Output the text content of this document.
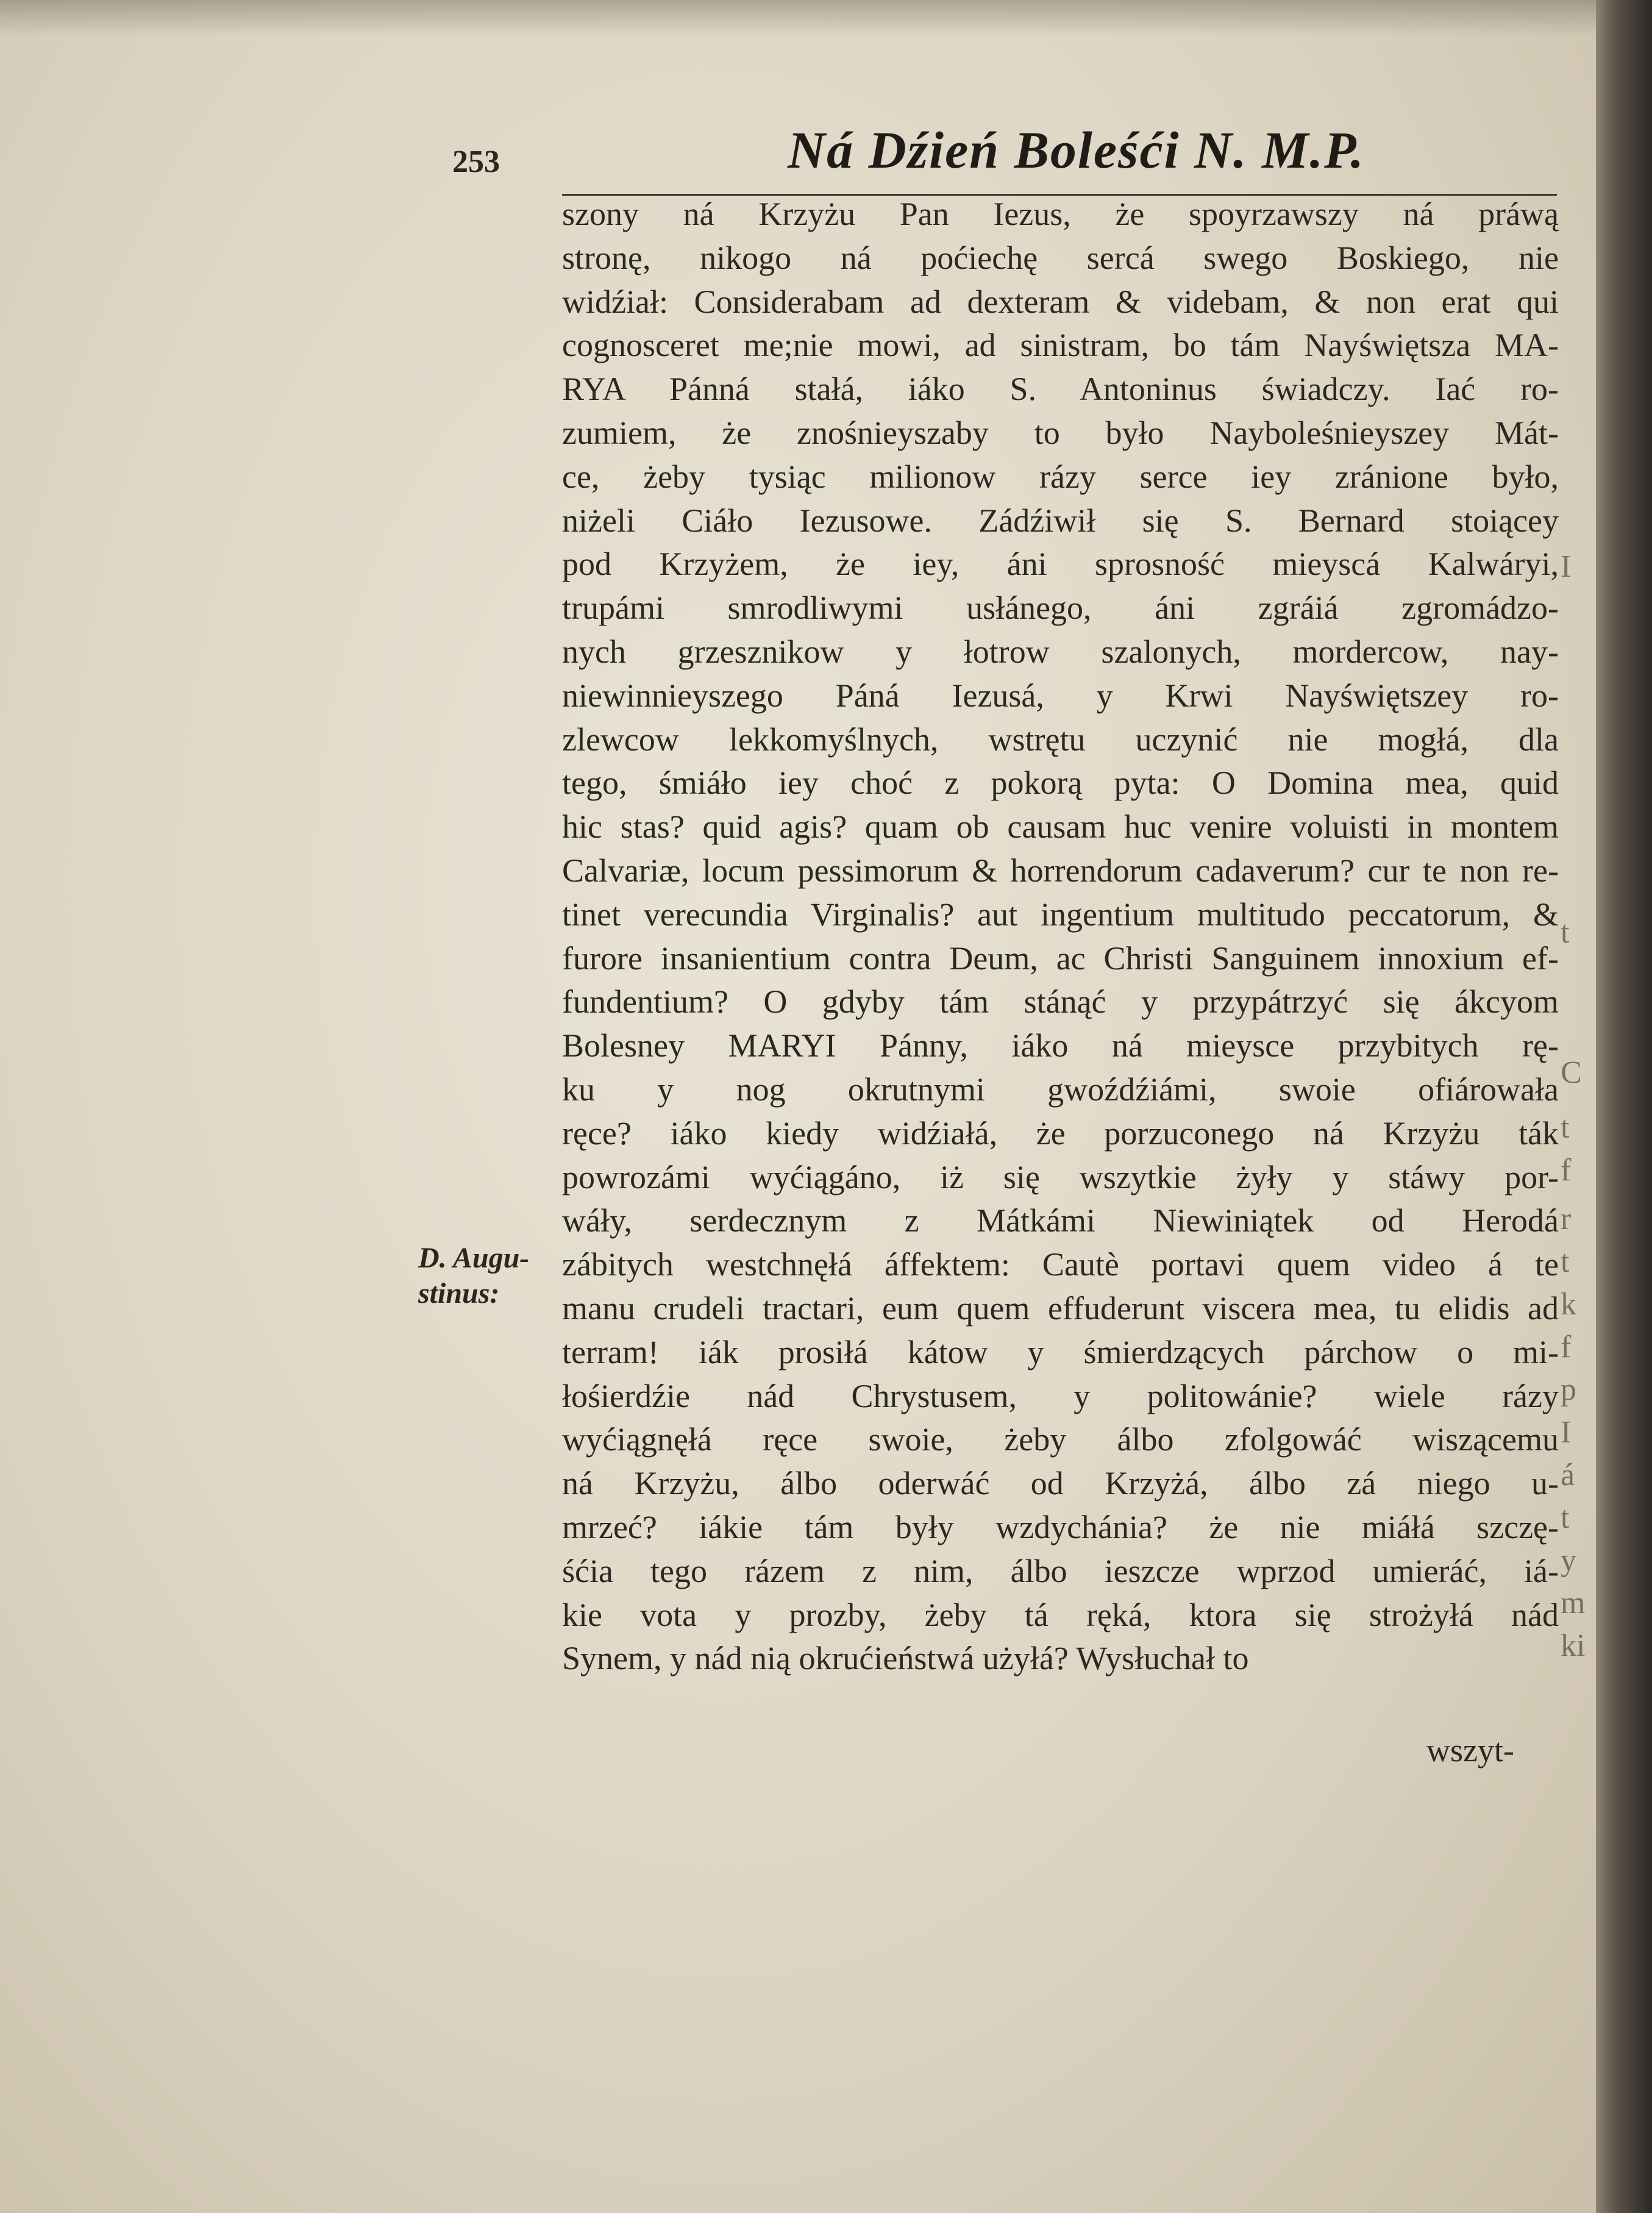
253	Ná Dźień Boleśći N. M.P.
szony ná Krzyżu Pan Iezus, że spoyrzawszy ná práwą
stronę, nikogo ná poćiechę sercá swego Boskiego, nie
widźiał: Considerabam ad dexteram & videbam, & non erat qui
cognosceret me;nie mowi, ad sinistram, bo tám Nayświętsza MA-
RYA Pánná stałá, iáko S. Antoninus świadczy. Iać ro-
zumiem, że znośnieyszaby to było Nayboleśnieyszey Mát-
ce, żeby tysiąc milionow rázy serce iey zránione było,
niżeli Ciáło Iezusowe. Zádźiwił się S. Bernard stoiącey
pod Krzyżem, że iey, áni sprosność mieyscá Kalwáryi,
trupámi smrodliwymi usłánego, áni zgráiá zgromádzo-
nych grzesznikow y łotrow szalonych, mordercow, nay-
niewinnieyszego Páná Iezusá, y Krwi Nayświętszey ro-
zlewcow lekkomyślnych, wstrętu uczynić nie mogłá, dla
tego, śmiáło iey choć z pokorą pyta: O Domina mea, quid
hic stas? quid agis? quam ob causam huc venire voluisti in montem
Calvariæ, locum pessimorum & horrendorum cadaverum? cur te non re-
tinet verecundia Virginalis? aut ingentium multitudo peccatorum, &
furore insanientium contra Deum, ac Christi Sanguinem innoxium ef-
fundentium? O gdyby tám stánąć y przypátrzyć się ákcyom
Bolesney MARYI Pánny, iáko ná mieysce przybitych rę-
ku y nog okrutnymi gwoźdźiámi, swoie ofiárowała
ręce? iáko kiedy widźiałá, że porzuconego ná Krzyżu ták
powrozámi wyćiągáno, iż się wszytkie żyły y stáwy por-
wáły, serdecznym z Mátkámi Niewiniątek od Herodá
zábitych westchnęłá áffektem: Cautè portavi quem video á te
manu crudeli tractari, eum quem effuderunt viscera mea, tu elidis ad
terram! iák prosiłá kátow y śmierdzących párchow o mi-
łośierdźie nád Chrystusem, y politowánie? wiele rázy
wyćiągnęłá ręce swoie, żeby álbo zfolgowáć wiszącemu
ná Krzyżu, álbo oderwáć od Krzyżá, álbo zá niego u-
mrzeć? iákie tám były wzdychánia? że nie miáłá szczę-
śćia tego rázem z nim, álbo ieszcze wprzod umieráć, iá-
kie vota y prozby, żeby tá ręká, ktora się strożyłá nád
Synem, y nád nią okrućieństwá użyłá? Wysłuchał to
D. Augu-
stinus:
wszyt-
I
t
C
t
f
r
t
k
f
p
I
á
t
y
m
ki
